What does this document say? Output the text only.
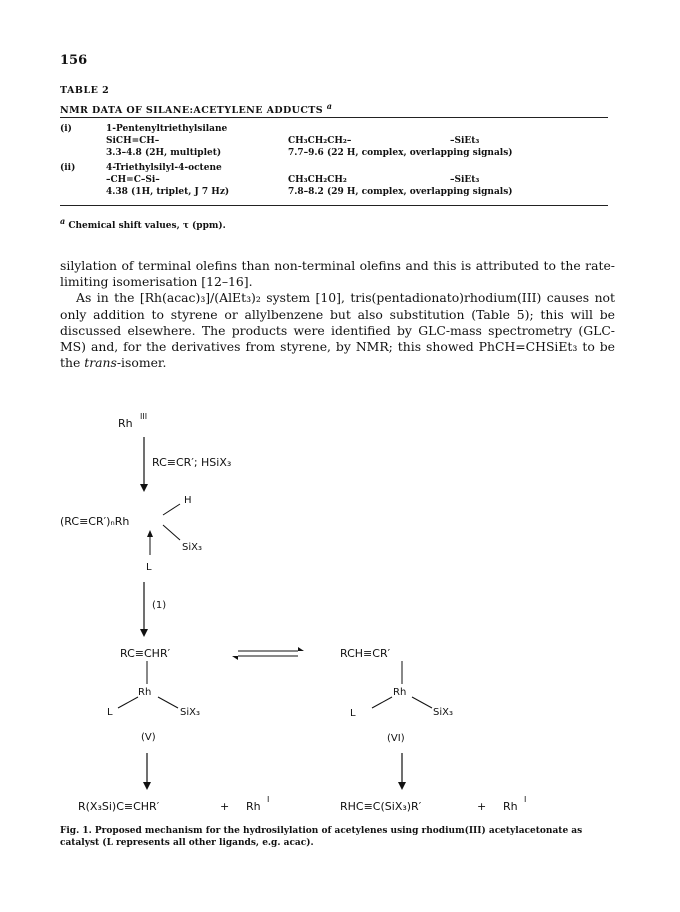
156
TABLE 2
NMR DATA OF SILANE:ACETYLENE ADDUCTS $^a$
(i)	1-Pentenyltriethylsilane
SiCH=CH–	CH₃CH₂CH₂–	–SiEt₃
3.3–4.8 (2H, multiplet)	7.7–9.6 (22 H, complex, overlapping signals)
(ii)	4-Triethylsilyl-4-octene
–CH=C–Si–	CH₃CH₂CH₂	–SiEt₃
4.38 (1H, triplet, J 7 Hz)	7.8–8.2 (29 H, complex, overlapping signals)
$^a$ Chemical shift values, τ (ppm).

silylation of terminal olefins than non-terminal olefins and this is attributed to the rate-limiting isomerisation [12–16].

As in the [Rh(acac)₃]/(AlEt₃)₂ system [10], tris(pentadionato)rhodium(III) causes not only addition to styrene or allylbenzene but also substitution (Table 5); this will be discussed elsewhere. The products were identified by GLC-mass spectrometry (GLC-MS) and, for the derivatives from styrene, by NMR; this showed PhCH=CHSiEt₃ to be the trans-isomer.

Rh
III
RC≡CR′; HSiX₃
(RC≡CR′)ₙRh
H
SiX₃
L
(1)
RC≡CHR′
Rh
L	SiX₃
(V)
RCH≡CR′
Rh
L	SiX₃
(VI)
R(X₃Si)C≡CHR′	+ Rh
I
RHC≡C(SiX₃)R′	+ Rh
I
Fig. 1. Proposed mechanism for the hydrosilylation of acetylenes using rhodium(III) acetylacetonate as catalyst (L represents all other ligands, e.g. acac).
